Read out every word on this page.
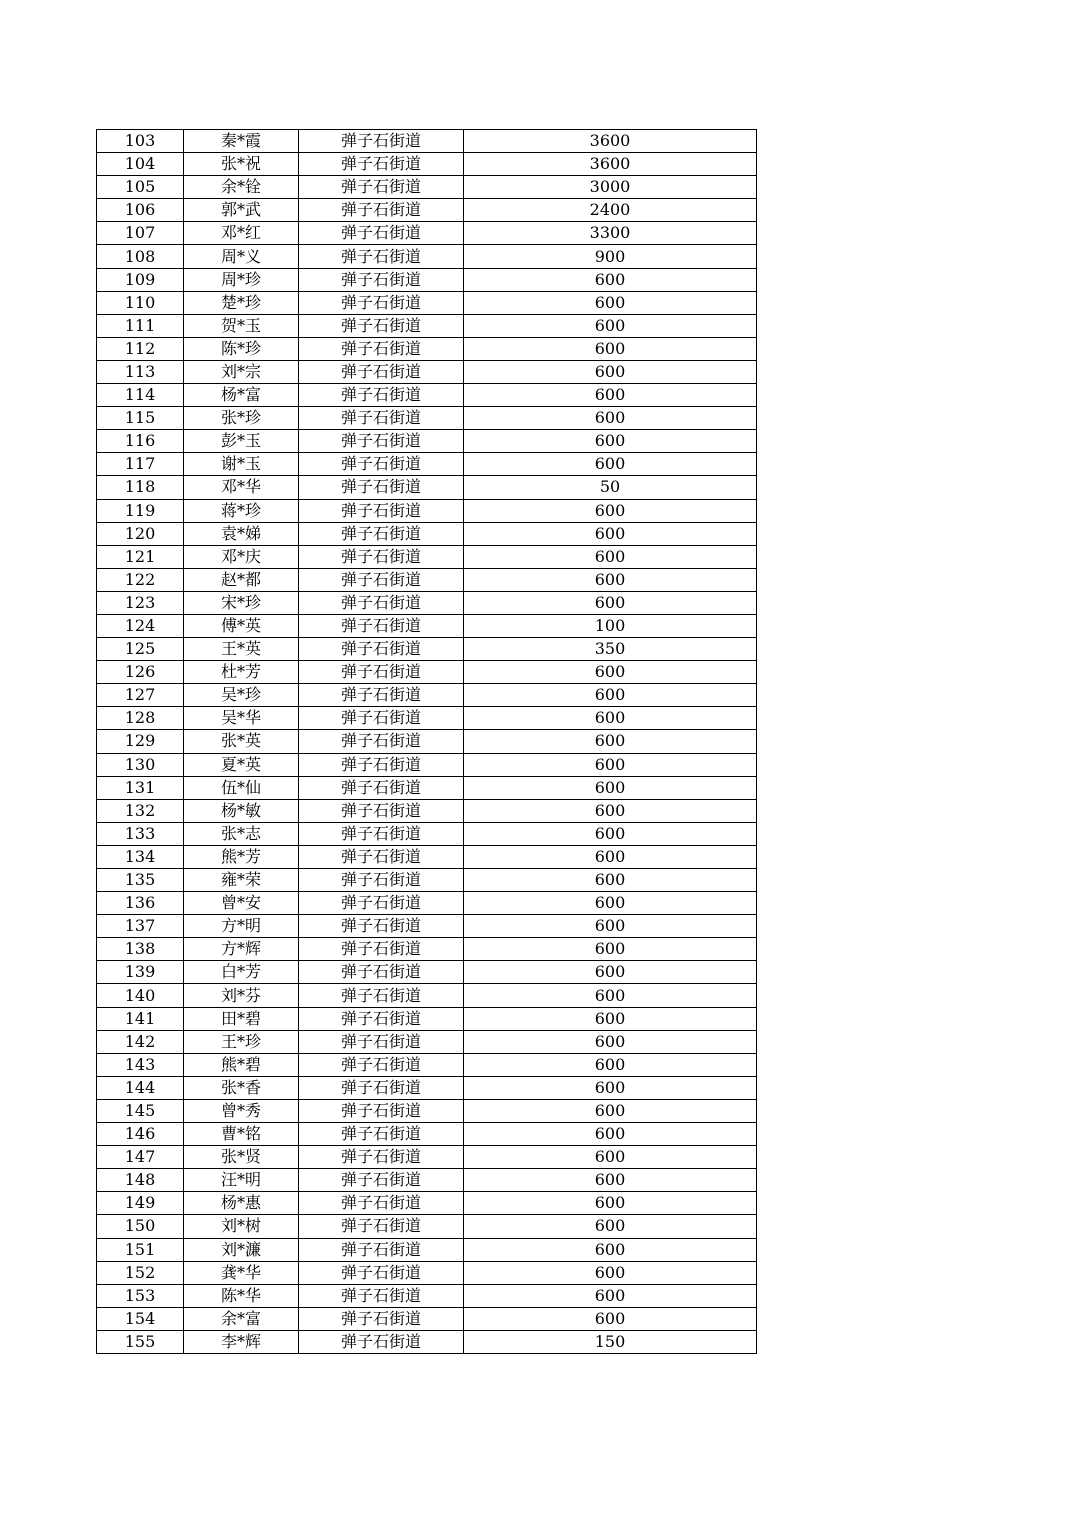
103	秦*霞	弹子石街道	3600
104	张*祝	弹子石街道	3600
105	余*铨	弹子石街道	3000
106	郭*武	弹子石街道	2400
107	邓*红	弹子石街道	3300
108	周*义	弹子石街道	900
109	周*珍	弹子石街道	600
110	楚*珍	弹子石街道	600
111	贺*玉	弹子石街道	600
112	陈*珍	弹子石街道	600
113	刘*宗	弹子石街道	600
114	杨*富	弹子石街道	600
115	张*珍	弹子石街道	600
116	彭*玉	弹子石街道	600
117	谢*玉	弹子石街道	600
118	邓*华	弹子石街道	50
119	蒋*珍	弹子石街道	600
120	袁*娣	弹子石街道	600
121	邓*庆	弹子石街道	600
122	赵*都	弹子石街道	600
123	宋*珍	弹子石街道	600
124	傅*英	弹子石街道	100
125	王*英	弹子石街道	350
126	杜*芳	弹子石街道	600
127	吴*珍	弹子石街道	600
128	吴*华	弹子石街道	600
129	张*英	弹子石街道	600
130	夏*英	弹子石街道	600
131	伍*仙	弹子石街道	600
132	杨*敏	弹子石街道	600
133	张*志	弹子石街道	600
134	熊*芳	弹子石街道	600
135	雍*荣	弹子石街道	600
136	曾*安	弹子石街道	600
137	方*明	弹子石街道	600
138	方*辉	弹子石街道	600
139	白*芳	弹子石街道	600
140	刘*芬	弹子石街道	600
141	田*碧	弹子石街道	600
142	王*珍	弹子石街道	600
143	熊*碧	弹子石街道	600
144	张*香	弹子石街道	600
145	曾*秀	弹子石街道	600
146	曹*铭	弹子石街道	600
147	张*贤	弹子石街道	600
148	汪*明	弹子石街道	600
149	杨*惠	弹子石街道	600
150	刘*树	弹子石街道	600
151	刘*濂	弹子石街道	600
152	龚*华	弹子石街道	600
153	陈*华	弹子石街道	600
154	余*富	弹子石街道	600
155	李*辉	弹子石街道	150
